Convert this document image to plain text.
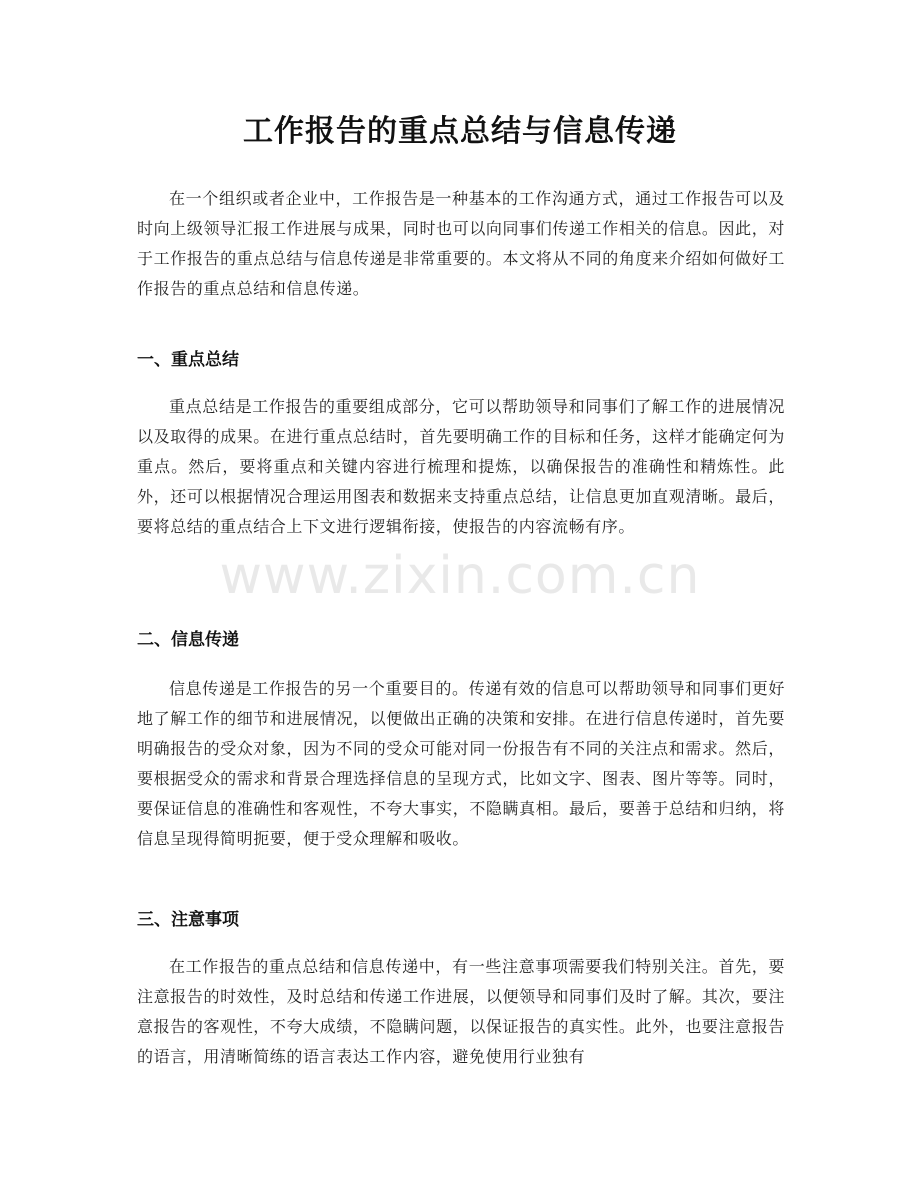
工作报告的重点总结与信息传递

在一个组织或者企业中，工作报告是一种基本的工作沟通方式，通过工作报告可以及时向上级领导汇报工作进展与成果，同时也可以向同事们传递工作相关的信息。因此，对于工作报告的重点总结与信息传递是非常重要的。本文将从不同的角度来介绍如何做好工作报告的重点总结和信息传递。

一、重点总结

重点总结是工作报告的重要组成部分，它可以帮助领导和同事们了解工作的进展情况以及取得的成果。在进行重点总结时，首先要明确工作的目标和任务，这样才能确定何为重点。然后，要将重点和关键内容进行梳理和提炼，以确保报告的准确性和精炼性。此外，还可以根据情况合理运用图表和数据来支持重点总结，让信息更加直观清晰。最后，要将总结的重点结合上下文进行逻辑衔接，使报告的内容流畅有序。

二、信息传递

信息传递是工作报告的另一个重要目的。传递有效的信息可以帮助领导和同事们更好地了解工作的细节和进展情况，以便做出正确的决策和安排。在进行信息传递时，首先要明确报告的受众对象，因为不同的受众可能对同一份报告有不同的关注点和需求。然后，要根据受众的需求和背景合理选择信息的呈现方式，比如文字、图表、图片等等。同时，要保证信息的准确性和客观性，不夸大事实，不隐瞒真相。最后，要善于总结和归纳，将信息呈现得简明扼要，便于受众理解和吸收。

三、注意事项

在工作报告的重点总结和信息传递中，有一些注意事项需要我们特别关注。首先，要注意报告的时效性，及时总结和传递工作进展，以便领导和同事们及时了解。其次，要注意报告的客观性，不夸大成绩，不隐瞒问题，以保证报告的真实性。此外，也要注意报告的语言，用清晰简练的语言表达工作内容，避免使用行业独有

www.zixin.com.cn
